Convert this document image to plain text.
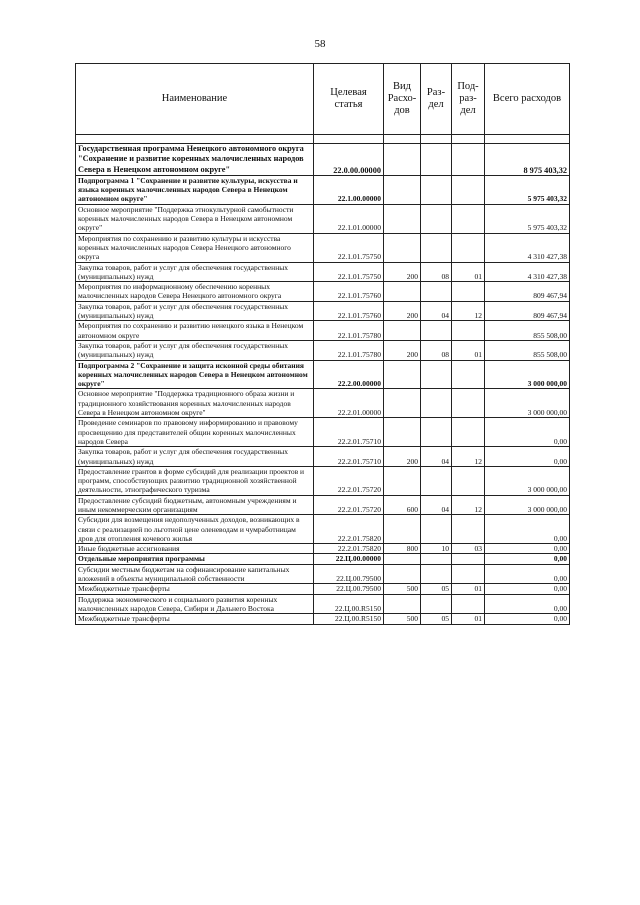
58
Наименование	Целевая статья	Вид Расхо- дов	Раз- дел	Под- раз- дел	Всего расходов

Государственная программа Ненецкого автономного округа "Сохранение и развитие коренных малочисленных народов Севера в Ненецком автономном округе"	22.0.00.00000				8 975 403,32
Подпрограмма 1 "Сохранение и развитие культуры, искусства и языка коренных малочисленных народов Севера в Ненецком автономном округе"	22.1.00.00000				5 975 403,32
Основное мероприятие "Поддержка этнокультурной самобытности коренных малочисленных народов Севера в Ненецком автономном округе"	22.1.01.00000				5 975 403,32
Мероприятия по сохранению и развитию культуры и искусства коренных малочисленных народов Севера Ненецкого автономного округа	22.1.01.75750				4 310 427,38
Закупка товаров, работ и услуг для обеспечения государственных (муниципальных) нужд	22.1.01.75750	200	08	01	4 310 427,38
Мероприятия по информационному обеспечению коренных малочисленных народов Севера Ненецкого автономного округа	22.1.01.75760				809 467,94
Закупка товаров, работ и услуг для обеспечения государственных (муниципальных) нужд	22.1.01.75760	200	04	12	809 467,94
Мероприятия по сохранению и развитию ненецкого языка в Ненецком автономном округе	22.1.01.75780				855 508,00
Закупка товаров, работ и услуг для обеспечения государственных (муниципальных) нужд	22.1.01.75780	200	08	01	855 508,00
Подпрограмма 2 "Сохранение и защита исконной среды обитания коренных малочисленных народов Севера в Ненецком автономном округе"	22.2.00.00000				3 000 000,00
Основное мероприятие "Поддержка традиционного образа жизни и традиционного хозяйствования коренных малочисленных народов Севера в Ненецком автономном округе"	22.2.01.00000				3 000 000,00
Проведение семинаров по правовому информированию и правовому просвещению для представителей общин коренных малочисленных народов Севера	22.2.01.75710				0,00
Закупка товаров, работ и услуг для обеспечения государственных (муниципальных) нужд	22.2.01.75710	200	04	12	0,00
Предоставление грантов в форме субсидий для реализации проектов и программ, способствующих развитию традиционной хозяйственной деятельности, этнографического туризма	22.2.01.75720				3 000 000,00
Предоставление субсидий бюджетным, автономным учреждениям и иным некоммерческим организациям	22.2.01.75720	600	04	12	3 000 000,00
Субсидии для возмещения недополученных доходов, возникающих в связи с реализацией по льготной цене оленеводам и чумработницам дров для отопления кочевого жилья	22.2.01.75820				0,00
Иные бюджетные ассигнования	22.2.01.75820	800	10	03	0,00
Отдельные мероприятия программы	22.Ц.00.00000				0,00
Субсидии местным бюджетам на софинансирование капитальных вложений в объекты муниципальной собственности	22.Ц.00.79500				0,00
Межбюджетные трансферты	22.Ц.00.79500	500	05	01	0,00
Поддержка экономического и социального развития коренных малочисленных народов Севера, Сибири и Дальнего Востока	22.Ц.00.R5150				0,00
Межбюджетные трансферты	22.Ц.00.R5150	500	05	01	0,00
